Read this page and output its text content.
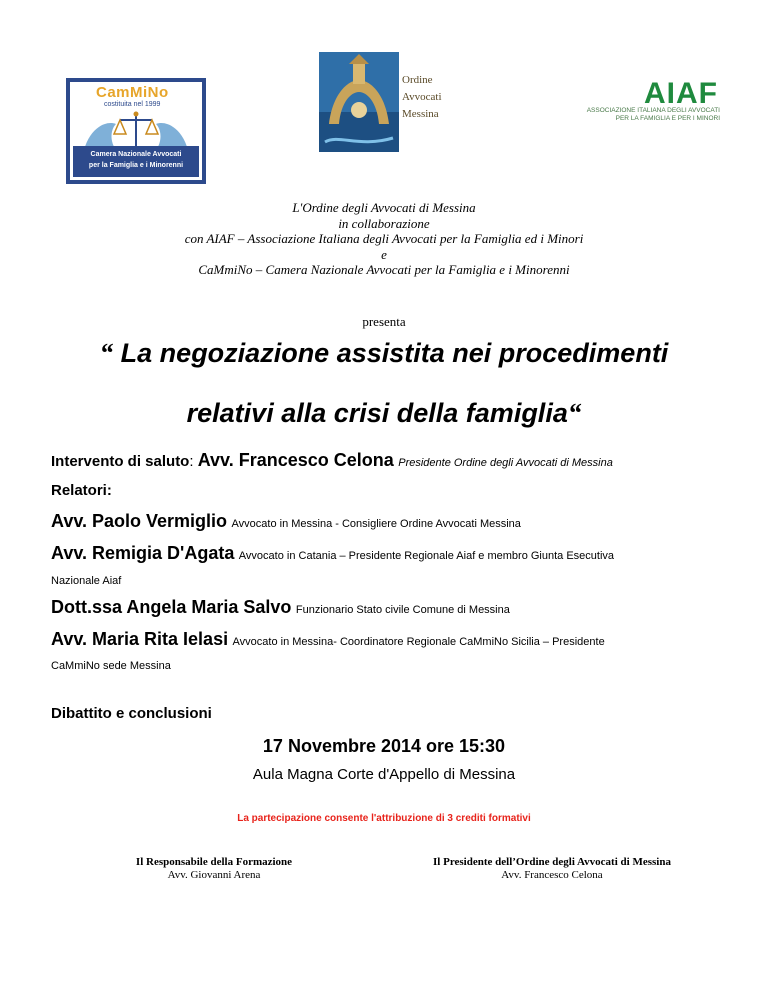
CamMiNo
costituita nel 1999
Camera Nazionale Avvocati
per la Famiglia e i Minorenni
Ordine
Avvocati
Messina
AIAF
ASSOCIAZIONE ITALIANA DEGLI AVVOCATI
PER LA FAMIGLIA E PER I MINORI
L'Ordine degli Avvocati di Messina
in collaborazione
con AIAF – Associazione Italiana degli Avvocati per la Famiglia ed i Minori
e
CaMmiNo – Camera Nazionale Avvocati per la Famiglia e i Minorenni
presenta
“ La negoziazione assistita nei procedimenti
relativi alla crisi della famiglia“
Intervento di saluto: Avv. Francesco Celona Presidente Ordine degli Avvocati di Messina
Relatori:
Avv. Paolo Vermiglio Avvocato in Messina - Consigliere Ordine Avvocati Messina
Avv. Remigia D'Agata Avvocato in Catania – Presidente Regionale Aiaf e membro Giunta Esecutiva
Nazionale Aiaf
Dott.ssa Angela Maria Salvo Funzionario Stato civile Comune di Messina
Avv. Maria Rita Ielasi Avvocato in Messina- Coordinatore Regionale CaMmiNo Sicilia – Presidente
CaMmiNo sede Messina
Dibattito e conclusioni
17 Novembre 2014 ore 15:30
Aula Magna Corte d'Appello di Messina
La partecipazione consente l'attribuzione di 3 crediti formativi
Il Responsabile della Formazione
Avv. Giovanni Arena
Il Presidente dell’Ordine degli Avvocati di Messina
Avv. Francesco Celona
